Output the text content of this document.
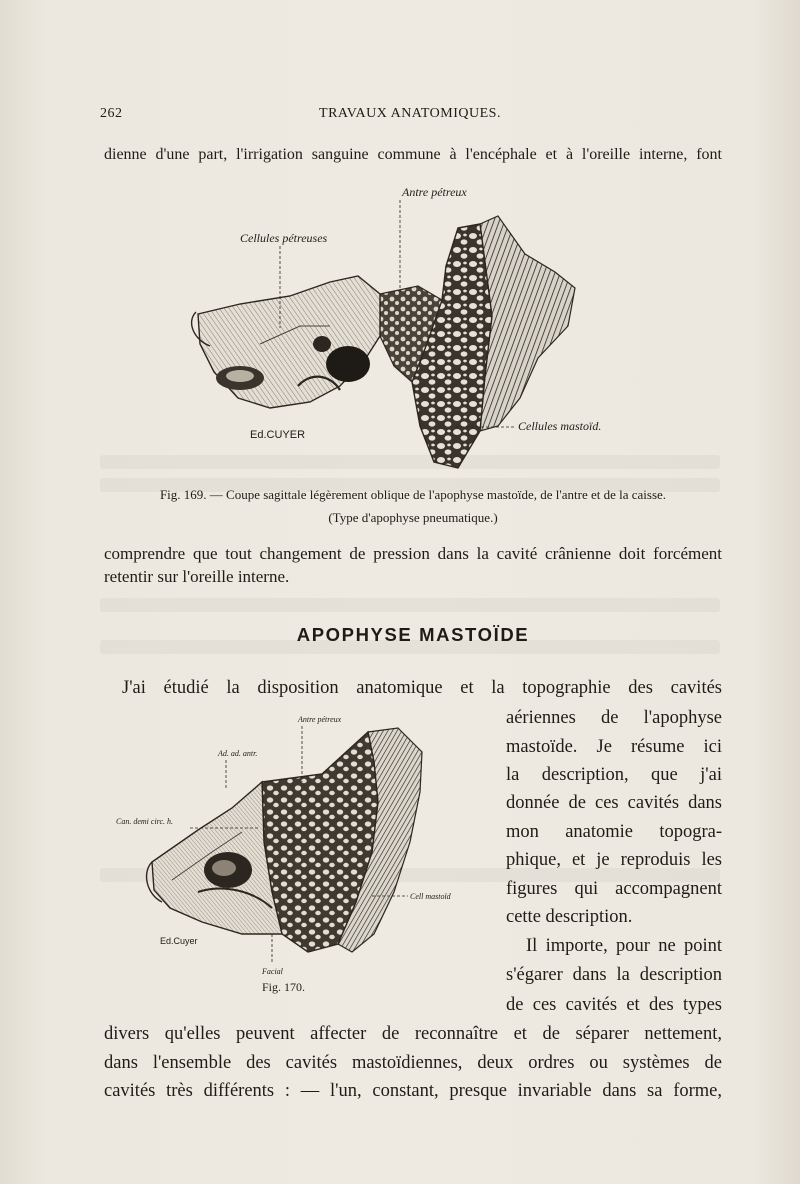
262	TRAVAUX ANATOMIQUES.
dienne d'une part, l'irrigation sanguine commune à l'encéphale et à l'oreille interne, font
Antre pétreux
Cellules pétreuses
Cellules mastoïd.
Ed.CUYER
Fig. 169. — Coupe sagittale légèrement oblique de l'apophyse mastoïde, de l'antre et de la caisse.
(Type d'apophyse pneumatique.)
comprendre que tout changement de pression dans la cavité crânienne doit forcément
retentir sur l'oreille interne.
APOPHYSE MASTOÏDE
J'ai étudié la disposition anatomique et la topographie des cavités
Antre pétreux
Ad. ad. antr.
Can. demi circ. h.
Cell mastoïd
Facial
Ed.Cuyer
Fig. 170.
aériennes de l'apophyse
mastoïde. Je résume ici
la description, que j'ai
donnée de ces cavités dans
mon anatomie topogra-
phique, et je reproduis les
figures qui accompagnent
cette description.
Il importe, pour ne point
s'égarer dans la description
de ces cavités et des types
divers qu'elles peuvent affecter de reconnaître et de séparer nettement,
dans l'ensemble des cavités mastoïdiennes, deux ordres ou systèmes de
cavités très différents : — l'un, constant, presque invariable dans sa forme,
